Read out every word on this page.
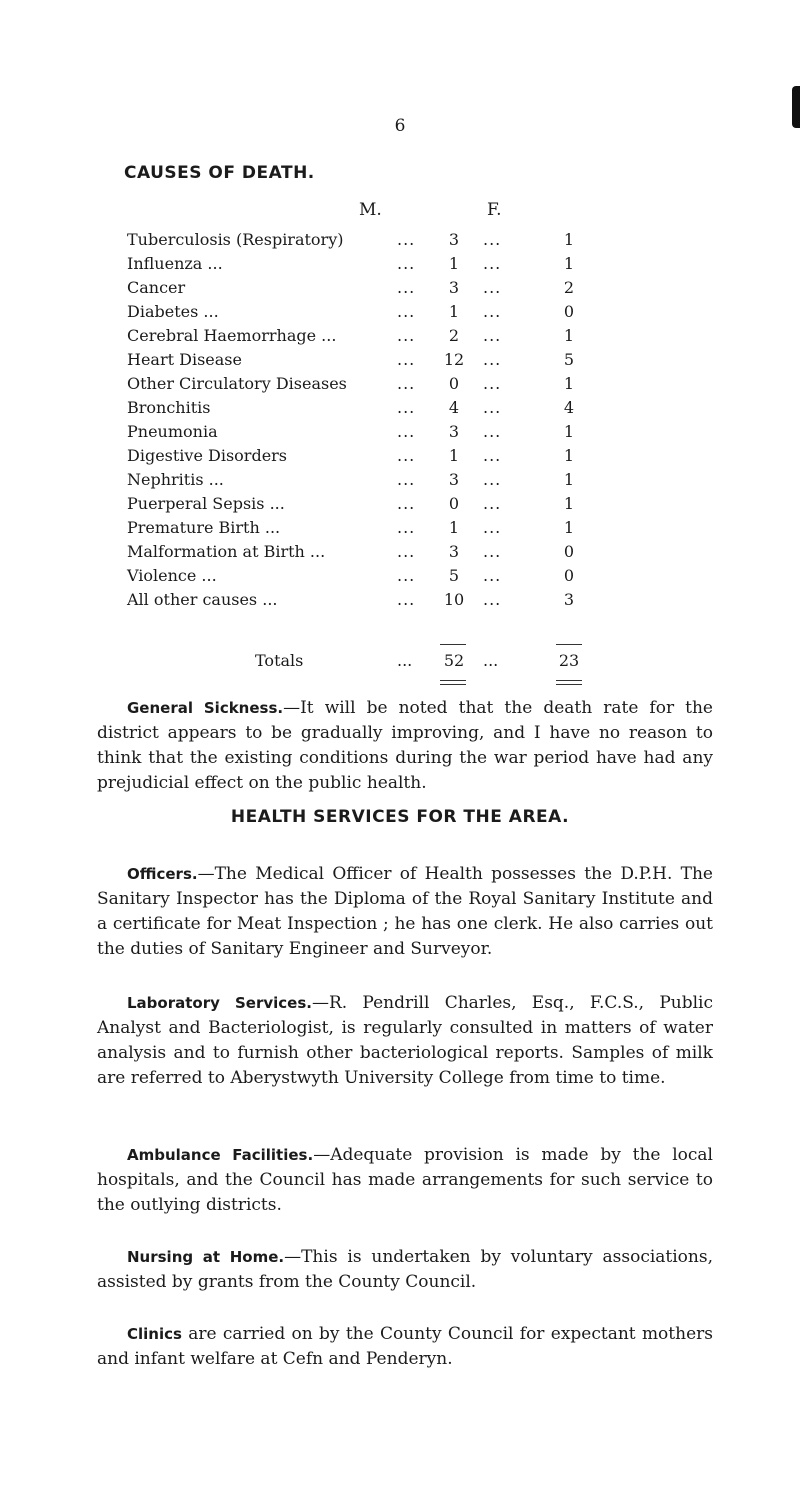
6
CAUSES OF DEATH.
M.	F.
Tuberculosis (Respiratory)	...	3	...	1
Influenza ...	...	1	...	1
Cancer	...	3	...	2
Diabetes ...	...	1	...	0
Cerebral Haemorrhage ...	...	2	...	1
Heart Disease	...	12	...	5
Other Circulatory Diseases	...	0	...	1
Bronchitis	...	4	...	4
Pneumonia	...	3	...	1
Digestive Disorders	...	1	...	1
Nephritis ...	...	3	...	1
Puerperal Sepsis ...	...	0	...	1
Premature Birth ...	...	1	...	1
Malformation at Birth ...	...	3	...	0
Violence ...	...	5	...	0
All other causes ...	...	10	...	3
Totals	...	52	...	23

General Sickness.—It will be noted that the death rate for the district appears to be gradually improving, and I have no reason to think that the existing conditions during the war period have had any prejudicial effect on the public health.

HEALTH SERVICES FOR THE AREA.

Officers.—The Medical Officer of Health possesses the D.P.H. The Sanitary Inspector has the Diploma of the Royal Sanitary Institute and a certificate for Meat Inspection ; he has one clerk. He also carries out the duties of Sanitary Engineer and Surveyor.

Laboratory Services.—R. Pendrill Charles, Esq., F.C.S., Public Analyst and Bacteriologist, is regularly consulted in matters of water analysis and to furnish other bacteriological reports. Samples of milk are referred to Aberystwyth University College from time to time.

Ambulance Facilities.—Adequate provision is made by the local hospitals, and the Council has made arrangements for such service to the outlying districts.

Nursing at Home.—This is undertaken by voluntary associations, assisted by grants from the County Council.

Clinics are carried on by the County Council for expectant mothers and infant welfare at Cefn and Penderyn.
